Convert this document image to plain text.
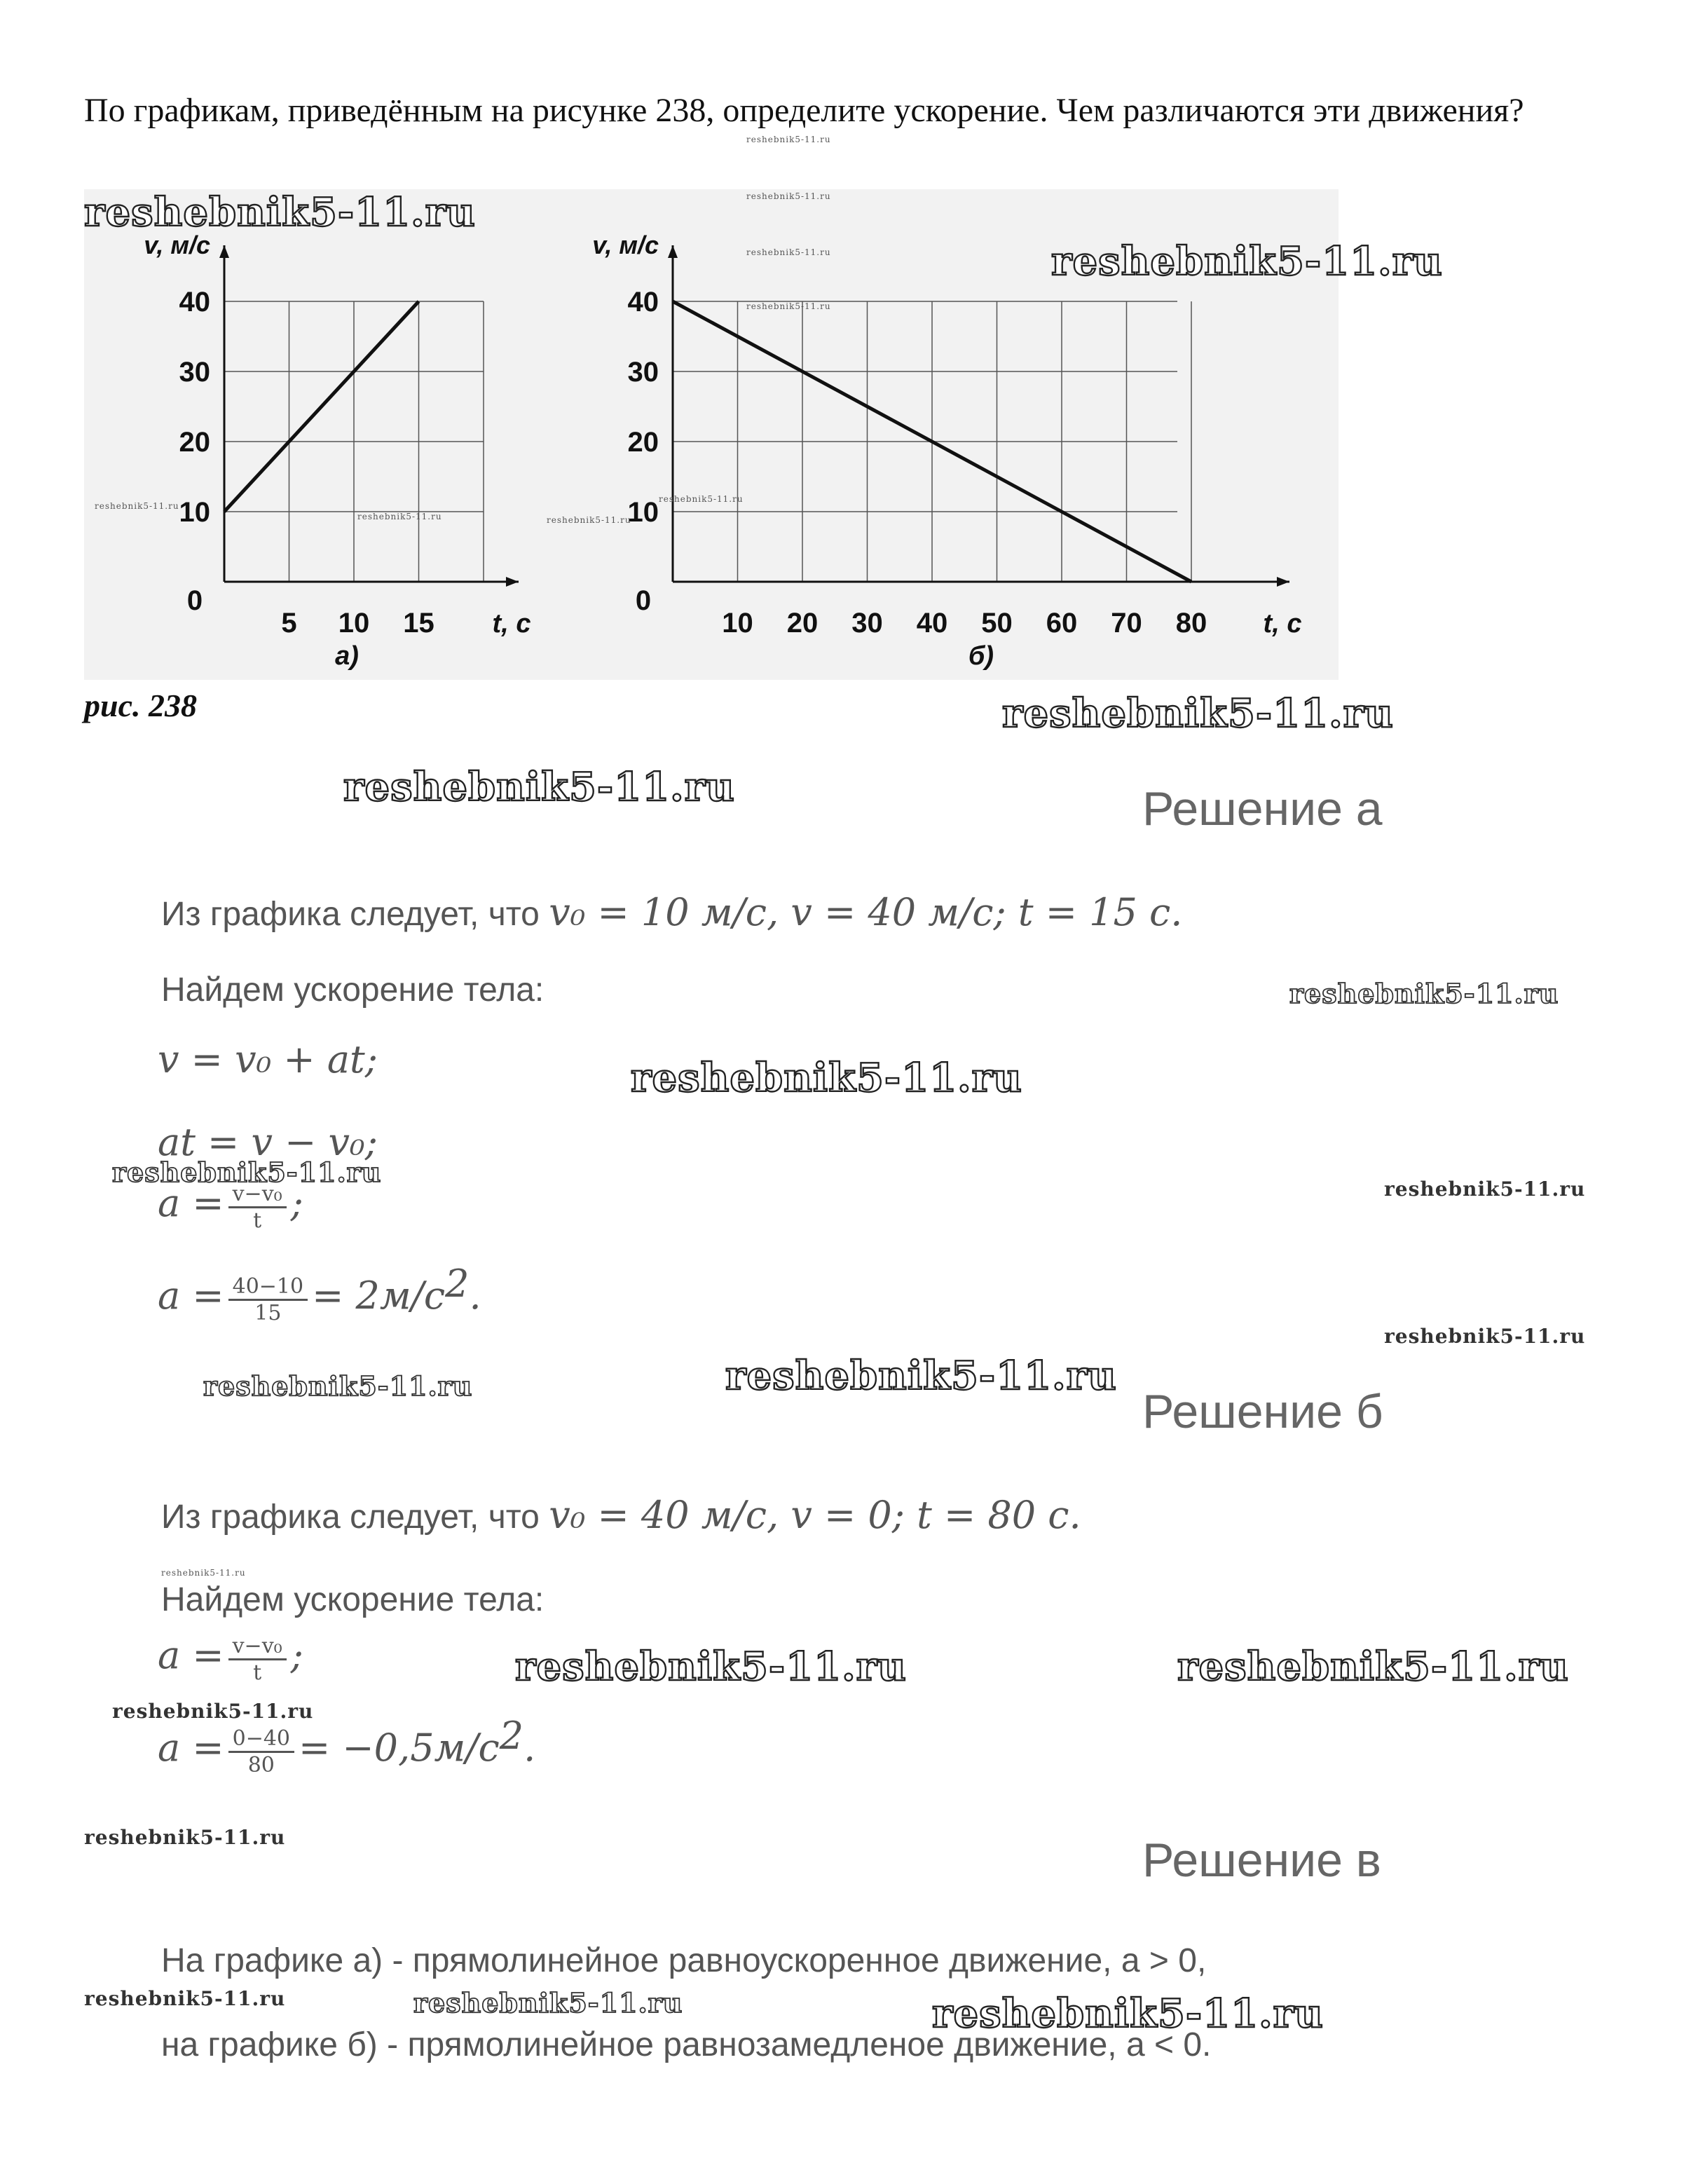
По графикам, приведённым на рисунке 238, определите ускорение. Чем различаются эти движения?
10
20
30
40
5 10 15
0
v, м/с
t, с
а)
10
20
30
40
10 20 30 40 50 60 70 80
0
v, м/с
t, с
б)
рис. 238
Решение а
Из графика следует, что v₀ = 10 м/с, v = 40 м/с; t = 15 с.
Найдем ускорение тела:
v = v₀ + at;
at = v − v₀;
$a = \frac{\text{v−v₀}}{t}$ ;
$a = \frac{40-10}{15} = 2м/с^2$.
Решение б
Из графика следует, что v₀ = 40 м/с, v = 0; t = 80 с.
Найдем ускорение тела:
$a = \frac{\text{v−v₀}}{t}$ ;
$a = \frac{0-40}{80} = -0,5м/с^2$.
Решение в
На графике а) - прямолинейное равноускоренное движение, a > 0,
на графике б) - прямолинейное равнозамедленое движение, a < 0.
reshebnik5-11.ru
reshebnik5-11.ru
reshebnik5-11.ru
reshebnik5-11.ru
reshebnik5-11.ru
reshebnik5-11.ru
reshebnik5-11.ru
reshebnik5-11.ru
reshebnik5-11.ru
reshebnik5-11.ru
reshebnik5-11.ru
reshebnik5-11.ru
reshebnik5-11.ru	reshebnik5-11.ru
reshebnik5-11.ru
reshebnik5-11.ru
reshebnik5-11.ru	reshebnik5-11.ru	reshebnik5-11.ru
reshebnik5-11.ru
reshebnik5-11.ru
reshebnik5-11.ru
reshebnik5-11.ru
reshebnik5-11.ru
reshebnik5-11.ru	reshebnik5-11.ru
reshebnik5-11.ru
